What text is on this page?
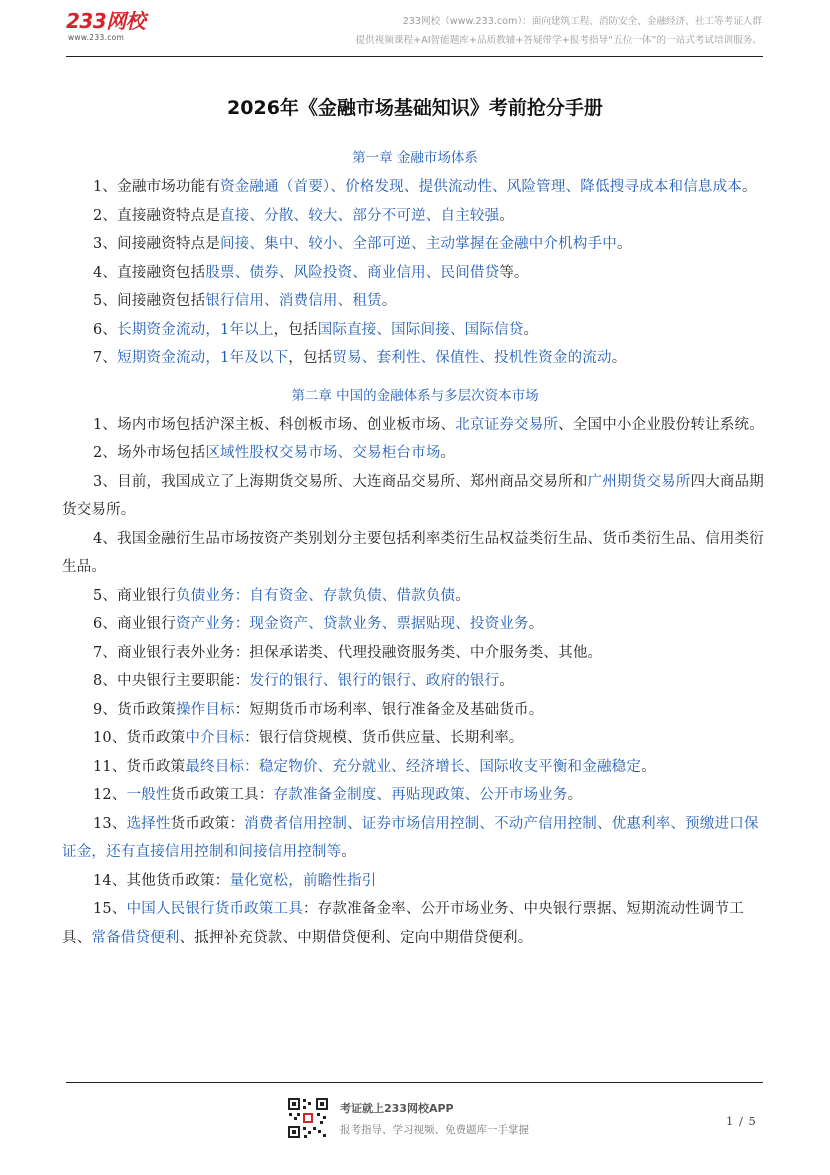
233网校
www.233.com
233网校（www.233.com）：面向建筑工程、消防安全、金融经济、社工等考证人群
提供视频课程+AI智能题库+品质教辅+答疑带学+报考指导“五位一体”的一站式考试培训服务。
2026年《金融市场基础知识》考前抢分手册
第一章 金融市场体系
1、金融市场功能有资金融通（首要）、价格发现、提供流动性、风险管理、降低搜寻成本和信息成本。
2、直接融资特点是直接、分散、较大、部分不可逆、自主较强。
3、间接融资特点是间接、集中、较小、全部可逆、主动掌握在金融中介机构手中。
4、直接融资包括股票、债券、风险投资、商业信用、民间借贷等。
5、间接融资包括银行信用、消费信用、租赁。
6、长期资金流动，1年以上，包括国际直接、国际间接、国际信贷。
7、短期资金流动，1年及以下，包括贸易、套利性、保值性、投机性资金的流动。
第二章 中国的金融体系与多层次资本市场
1、场内市场包括沪深主板、科创板市场、创业板市场、北京证券交易所、全国中小企业股份转让系统。
2、场外市场包括区域性股权交易市场、交易柜台市场。
3、目前，我国成立了上海期货交易所、大连商品交易所、郑州商品交易所和广州期货交易所四大商品期货交易所。
4、我国金融衍生品市场按资产类别划分主要包括利率类衍生品权益类衍生品、货币类衍生品、信用类衍生品。
5、商业银行负债业务：自有资金、存款负债、借款负债。
6、商业银行资产业务：现金资产、贷款业务、票据贴现、投资业务。
7、商业银行表外业务：担保承诺类、代理投融资服务类、中介服务类、其他。
8、中央银行主要职能：发行的银行、银行的银行、政府的银行。
9、货币政策操作目标：短期货币市场利率、银行准备金及基础货币。
10、货币政策中介目标：银行信贷规模、货币供应量、长期利率。
11、货币政策最终目标：稳定物价、充分就业、经济增长、国际收支平衡和金融稳定。
12、一般性货币政策工具：存款准备金制度、再贴现政策、公开市场业务。
13、选择性货币政策：消费者信用控制、证券市场信用控制、不动产信用控制、优惠利率、预缴进口保证金，还有直接信用控制和间接信用控制等。
14、其他货币政策：量化宽松，前瞻性指引
15、中国人民银行货币政策工具：存款准备金率、公开市场业务、中央银行票据、短期流动性调节工具、常备借贷便利、抵押补充贷款、中期借贷便利、定向中期借贷便利。
考证就上233网校APP
报考指导、学习视频、免费题库一手掌握
1 / 5
